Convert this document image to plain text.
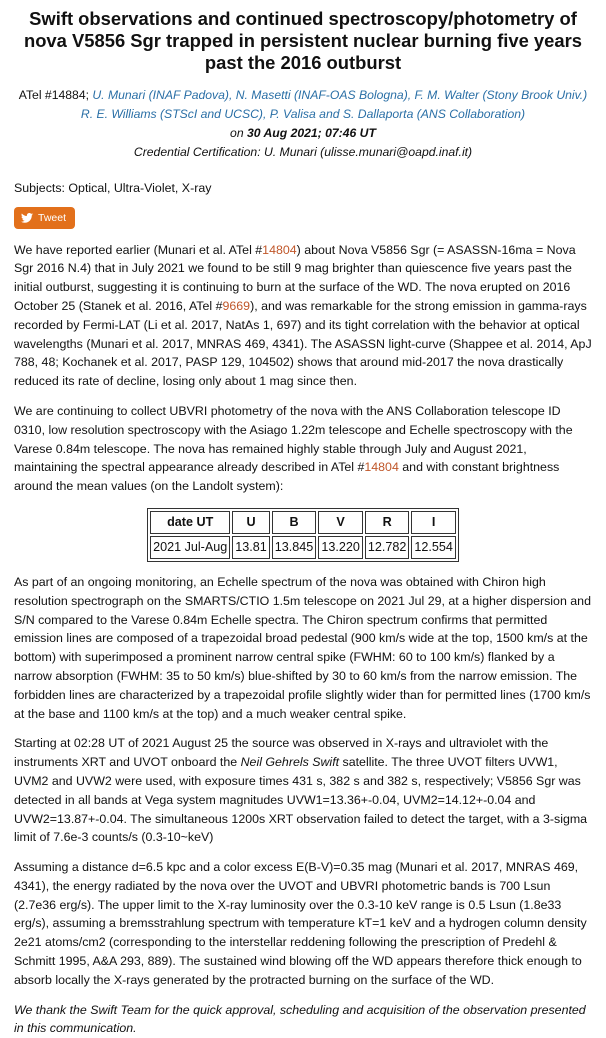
Swift observations and continued spectroscopy/photometry of nova V5856 Sgr trapped in persistent nuclear burning five years past the 2016 outburst
ATel #14884; U. Munari (INAF Padova), N. Masetti (INAF-OAS Bologna), F. M. Walter (Stony Brook Univ.) R. E. Williams (STScI and UCSC), P. Valisa and S. Dallaporta (ANS Collaboration)
on 30 Aug 2021; 07:46 UT
Credential Certification: U. Munari (ulisse.munari@oapd.inaf.it)
Subjects: Optical, Ultra-Violet, X-ray
Tweet

We have reported earlier (Munari et al. ATel #14804) about Nova V5856 Sgr (= ASASSN-16ma = Nova Sgr 2016 N.4) that in July 2021 we found to be still 9 mag brighter than quiescence five years past the initial outburst, suggesting it is continuing to burn at the surface of the WD. The nova erupted on 2016 October 25 (Stanek et al. 2016, ATel #9669), and was remarkable for the strong emission in gamma-rays recorded by Fermi-LAT (Li et al. 2017, NatAs 1, 697) and its tight correlation with the behavior at optical wavelengths (Munari et al. 2017, MNRAS 469, 4341). The ASASSN light-curve (Shappee et al. 2014, ApJ 788, 48; Kochanek et al. 2017, PASP 129, 104502) shows that around mid-2017 the nova drastically reduced its rate of decline, losing only about 1 mag since then.

We are continuing to collect UBVRI photometry of the nova with the ANS Collaboration telescope ID 0310, low resolution spectroscopy with the Asiago 1.22m telescope and Echelle spectroscopy with the Varese 0.84m telescope. The nova has remained highly stable through July and August 2021, maintaining the spectral appearance already described in ATel #14804 and with constant brightness around the mean values (on the Landolt system):

date UT	U	B	V	R	I
2021 Jul-Aug	13.81	13.845	13.220	12.782	12.554

As part of an ongoing monitoring, an Echelle spectrum of the nova was obtained with Chiron high resolution spectrograph on the SMARTS/CTIO 1.5m telescope on 2021 Jul 29, at a higher dispersion and S/N compared to the Varese 0.84m Echelle spectra. The Chiron spectrum confirms that permitted emission lines are composed of a trapezoidal broad pedestal (900 km/s wide at the top, 1500 km/s at the bottom) with superimposed a prominent narrow central spike (FWHM: 60 to 100 km/s) flanked by a narrow absorption (FWHM: 35 to 50 km/s) blue-shifted by 30 to 60 km/s from the narrow emission. The forbidden lines are characterized by a trapezoidal profile slightly wider than for permitted lines (1700 km/s at the base and 1100 km/s at the top) and a much weaker central spike.

Starting at 02:28 UT of 2021 August 25 the source was observed in X-rays and ultraviolet with the instruments XRT and UVOT onboard the Neil Gehrels Swift satellite. The three UVOT filters UVW1, UVM2 and UVW2 were used, with exposure times 431 s, 382 s and 382 s, respectively; V5856 Sgr was detected in all bands at Vega system magnitudes UVW1=13.36+-0.04, UVM2=14.12+-0.04 and UVW2=13.87+-0.04. The simultaneous 1200s XRT observation failed to detect the target, with a 3-sigma limit of 7.6e-3 counts/s (0.3-10~keV)

Assuming a distance d=6.5 kpc and a color excess E(B-V)=0.35 mag (Munari et al. 2017, MNRAS 469, 4341), the energy radiated by the nova over the UVOT and UBVRI photometric bands is 700 Lsun (2.7e36 erg/s). The upper limit to the X-ray luminosity over the 0.3-10 keV range is 0.5 Lsun (1.8e33 erg/s), assuming a bremsstrahlung spectrum with temperature kT=1 keV and a hydrogen column density 2e21 atoms/cm2 (corresponding to the interstellar reddening following the prescription of Predehl & Schmitt 1995, A&A 293, 889). The sustained wind blowing off the WD appears therefore thick enough to absorb locally the X-rays generated by the protracted burning on the surface of the WD.

We thank the Swift Team for the quick approval, scheduling and acquisition of the observation presented in this communication.
